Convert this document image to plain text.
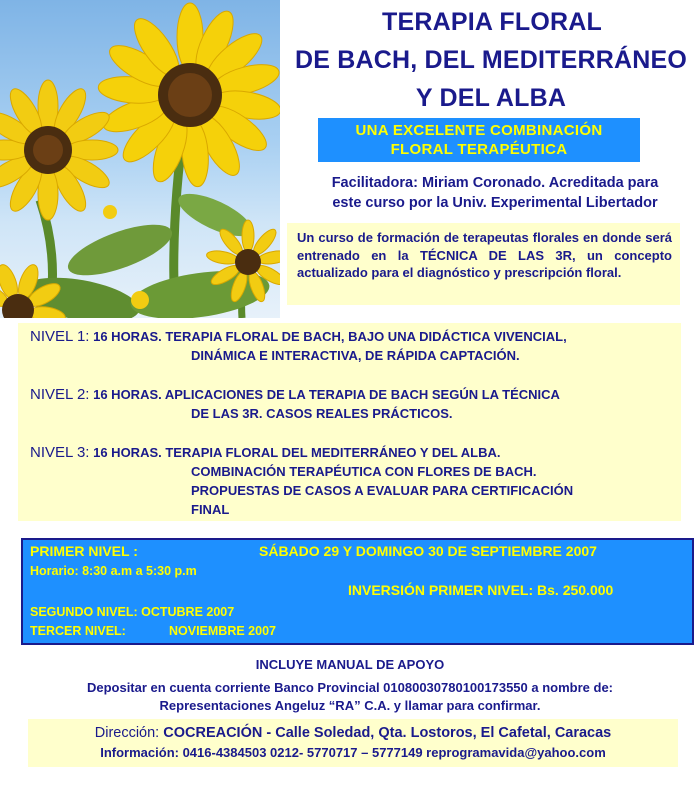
TERAPIA FLORAL
DE BACH, DEL MEDITERRÁNEO
Y DEL ALBA
UNA EXCELENTE COMBINACIÓN
FLORAL TERAPÉUTICA
Facilitadora: Miriam Coronado. Acreditada para
este curso por la Univ. Experimental Libertador
Un curso de formación de terapeutas florales en donde será entrenado en la TÉCNICA DE LAS 3R, un concepto actualizado para el diagnóstico y prescripción floral.
NIVEL 1: 16 HORAS. TERAPIA FLORAL DE BACH, BAJO UNA DIDÁCTICA VIVENCIAL,
DINÁMICA E INTERACTIVA, DE RÁPIDA CAPTACIÓN.
NIVEL 2: 16 HORAS. APLICACIONES DE LA TERAPIA DE BACH SEGÚN LA TÉCNICA
DE LAS 3R. CASOS REALES PRÁCTICOS.
NIVEL 3: 16 HORAS. TERAPIA FLORAL DEL MEDITERRÁNEO Y DEL ALBA.
COMBINACIÓN TERAPÉUTICA CON FLORES DE BACH.
PROPUESTAS DE CASOS A EVALUAR PARA CERTIFICACIÓN
FINAL
PRIMER NIVEL :	SÁBADO 29 Y DOMINGO 30 DE SEPTIEMBRE 2007
Horario: 8:30 a.m a 5:30 p.m
INVERSIÓN PRIMER NIVEL: Bs. 250.000
SEGUNDO NIVEL: OCTUBRE 2007
TERCER NIVEL:	NOVIEMBRE 2007
INCLUYE MANUAL DE APOYO
Depositar en cuenta corriente Banco Provincial 01080030780100173550 a nombre de:
Representaciones Angeluz “RA” C.A. y llamar para confirmar.
Dirección: COCREACIÓN - Calle Soledad, Qta. Lostoros, El Cafetal, Caracas
Información: 0416-4384503 0212- 5770717 – 5777149 reprogramavida@yahoo.com
